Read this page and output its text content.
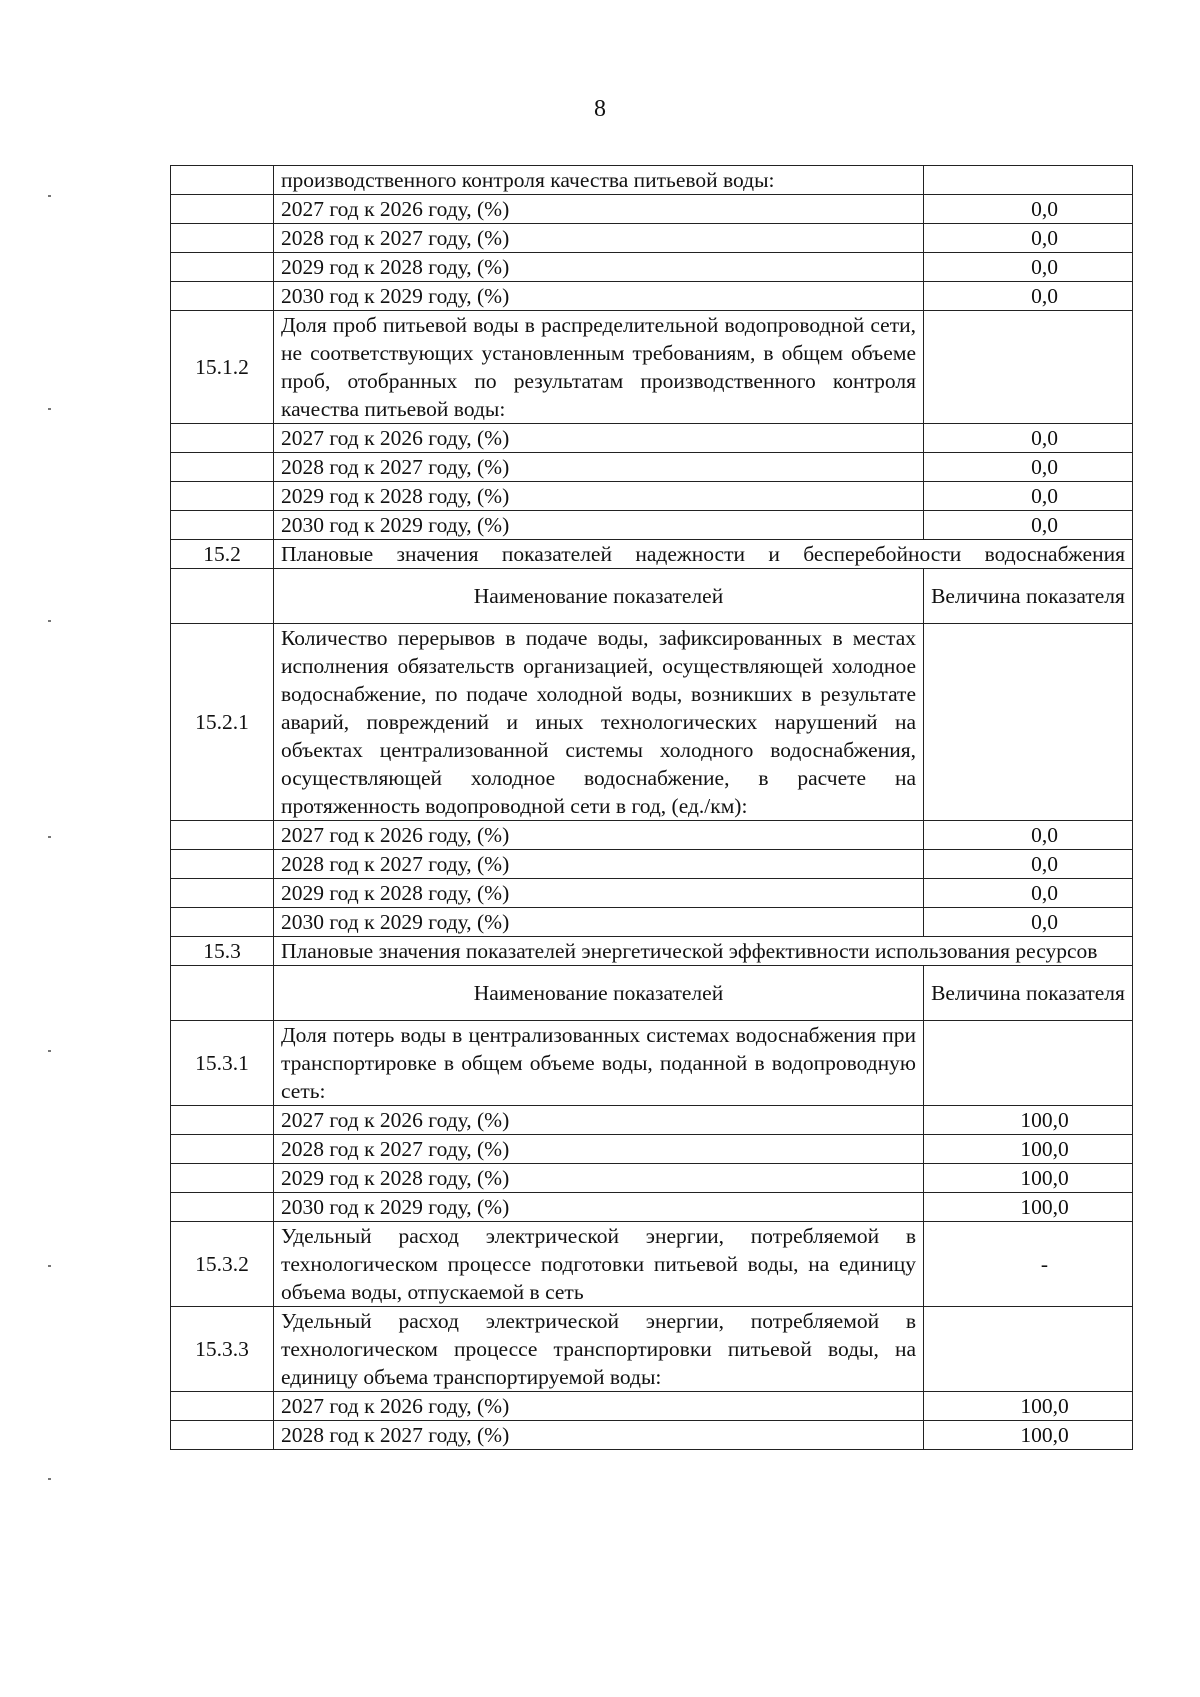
8
	производственного контроля качества питьевой воды:	
	2027 год к 2026 году, (%)	0,0
	2028 год к 2027 году, (%)	0,0
	2029 год к 2028 году, (%)	0,0
	2030 год к 2029 году, (%)	0,0
15.1.2	Доля проб питьевой воды в распределительной водопроводной сети, не соответствующих установленным требованиям, в общем объеме проб, отобранных по результатам производственного контроля качества питьевой воды:	
	2027 год к 2026 году, (%)	0,0
	2028 год к 2027 году, (%)	0,0
	2029 год к 2028 году, (%)	0,0
	2030 год к 2029 году, (%)	0,0
15.2	Плановые значения показателей надежности и бесперебойности водоснабжения	
	Наименование показателей	Величина показателя
15.2.1	Количество перерывов в подаче воды, зафиксированных в местах исполнения обязательств организацией, осуществляющей холодное водоснабжение, по подаче холодной воды, возникших в результате аварий, повреждений и иных технологических нарушений на объектах централизованной системы холодного водоснабжения, осуществляющей холодное водоснабжение, в расчете на протяженность водопроводной сети в год, (ед./км):	
	2027 год к 2026 году, (%)	0,0
	2028 год к 2027 году, (%)	0,0
	2029 год к 2028 году, (%)	0,0
	2030 год к 2029 году, (%)	0,0
15.3	Плановые значения показателей энергетической эффективности использования ресурсов	
	Наименование показателей	Величина показателя
15.3.1	Доля потерь воды в централизованных системах водоснабжения при транспортировке в общем объеме воды, поданной в водопроводную сеть:	
	2027 год к 2026 году, (%)	100,0
	2028 год к 2027 году, (%)	100,0
	2029 год к 2028 году, (%)	100,0
	2030 год к 2029 году, (%)	100,0
15.3.2	Удельный расход электрической энергии, потребляемой в технологическом процессе подготовки питьевой воды, на единицу объема воды, отпускаемой в сеть	-
15.3.3	Удельный расход электрической энергии, потребляемой в технологическом процессе транспортировки питьевой воды, на единицу объема транспортируемой воды:	
	2027 год к 2026 году, (%)	100,0
	2028 год к 2027 году, (%)	100,0
